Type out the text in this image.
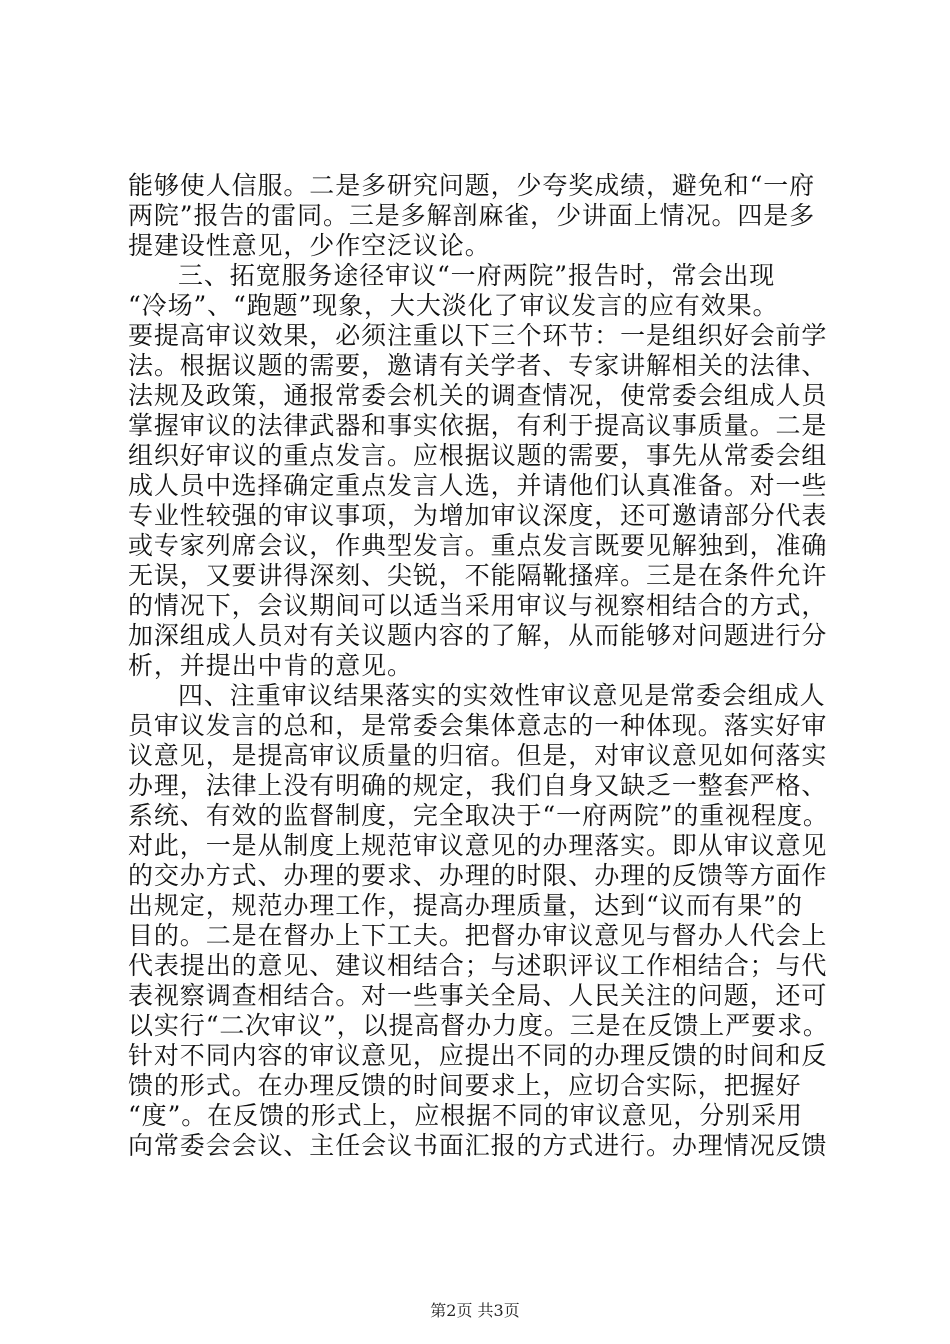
能够使人信服。二是多研究问题，少夸奖成绩，避免和“一府
两院”报告的雷同。三是多解剖麻雀，少讲面上情况。四是多
提建设性意见，少作空泛议论。
三、拓宽服务途径审议“一府两院”报告时，常会出现
“冷场”、“跑题”现象，大大淡化了审议发言的应有效果。
要提高审议效果，必须注重以下三个环节：一是组织好会前学
法。根据议题的需要，邀请有关学者、专家讲解相关的法律、
法规及政策，通报常委会机关的调查情况，使常委会组成人员
掌握审议的法律武器和事实依据，有利于提高议事质量。二是
组织好审议的重点发言。应根据议题的需要，事先从常委会组
成人员中选择确定重点发言人选，并请他们认真准备。对一些
专业性较强的审议事项，为增加审议深度，还可邀请部分代表
或专家列席会议，作典型发言。重点发言既要见解独到，准确
无误，又要讲得深刻、尖锐，不能隔靴搔痒。三是在条件允许
的情况下，会议期间可以适当采用审议与视察相结合的方式，
加深组成人员对有关议题内容的了解，从而能够对问题进行分
析，并提出中肯的意见。
四、注重审议结果落实的实效性审议意见是常委会组成人
员审议发言的总和，是常委会集体意志的一种体现。落实好审
议意见，是提高审议质量的归宿。但是，对审议意见如何落实
办理，法律上没有明确的规定，我们自身又缺乏一整套严格、
系统、有效的监督制度，完全取决于“一府两院”的重视程度。
对此，一是从制度上规范审议意见的办理落实。即从审议意见
的交办方式、办理的要求、办理的时限、办理的反馈等方面作
出规定，规范办理工作，提高办理质量，达到“议而有果”的
目的。二是在督办上下工夫。把督办审议意见与督办人代会上
代表提出的意见、建议相结合；与述职评议工作相结合；与代
表视察调查相结合。对一些事关全局、人民关注的问题，还可
以实行“二次审议”，以提高督办力度。三是在反馈上严要求。
针对不同内容的审议意见，应提出不同的办理反馈的时间和反
馈的形式。在办理反馈的时间要求上，应切合实际，把握好
“度”。在反馈的形式上，应根据不同的审议意见，分别采用
向常委会会议、主任会议书面汇报的方式进行。办理情况反馈
第2页 共3页
